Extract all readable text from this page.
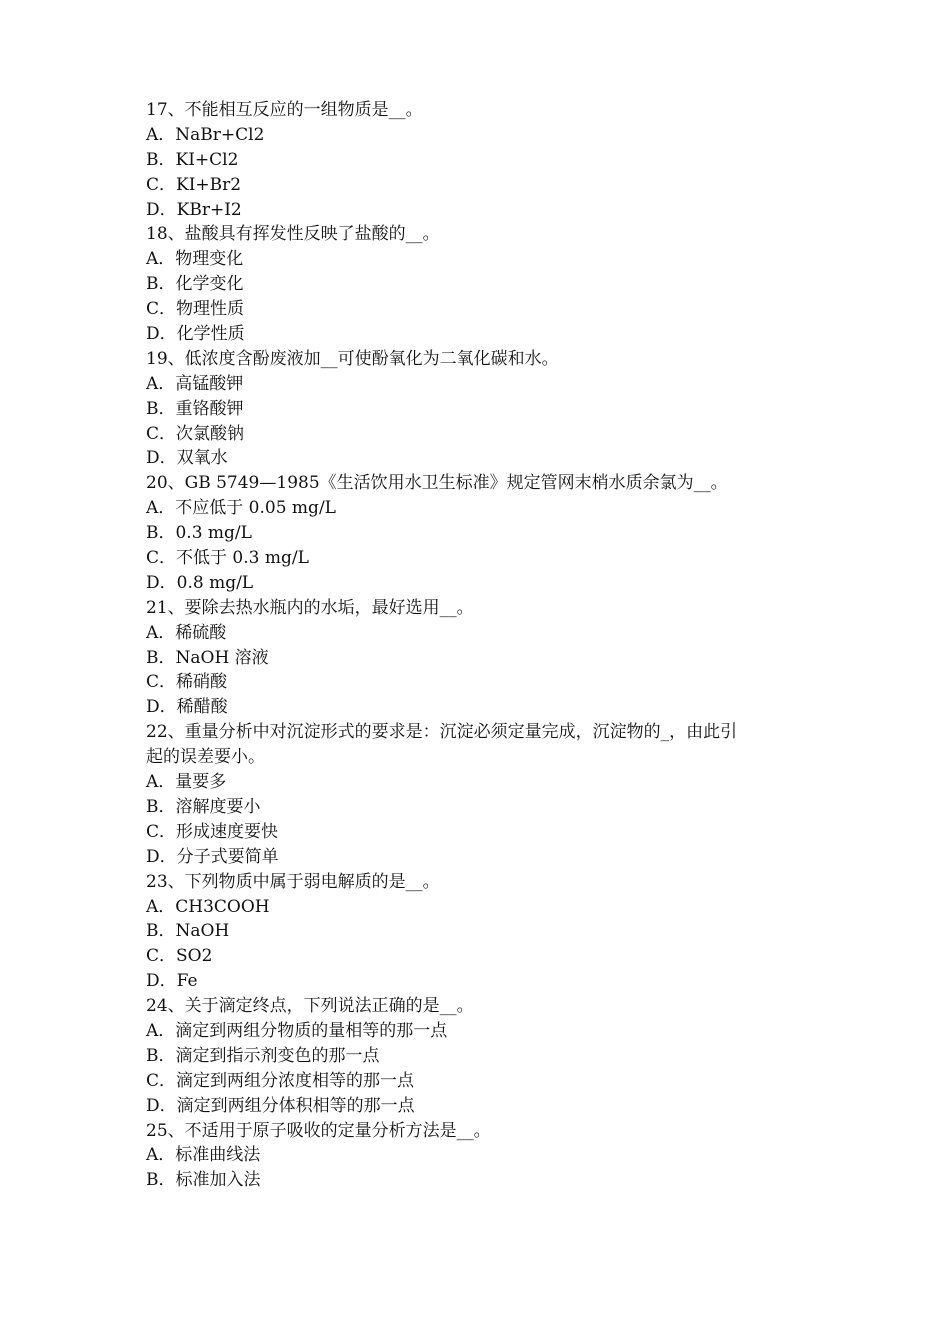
17、不能相互反应的一组物质是__。
A．NaBr+Cl2
B．KI+Cl2
C．KI+Br2
D．KBr+I2
18、盐酸具有挥发性反映了盐酸的__。
A．物理变化
B．化学变化
C．物理性质
D．化学性质
19、低浓度含酚废液加__可使酚氧化为二氧化碳和水。
A．高锰酸钾
B．重铬酸钾
C．次氯酸钠
D．双氧水
20、GB 5749—1985《生活饮用水卫生标准》规定管网末梢水质余氯为__。
A．不应低于 0.05 mg/L
B．0.3 mg/L
C．不低于 0.3 mg/L
D．0.8 mg/L
21、要除去热水瓶内的水垢，最好选用__。
A．稀硫酸
B．NaOH 溶液
C．稀硝酸
D．稀醋酸
22、重量分析中对沉淀形式的要求是：沉淀必须定量完成，沉淀物的_，由此引
起的误差要小。
A．量要多
B．溶解度要小
C．形成速度要快
D．分子式要简单
23、下列物质中属于弱电解质的是__。
A．CH3COOH
B．NaOH
C．SO2
D．Fe
24、关于滴定终点，下列说法正确的是__。
A．滴定到两组分物质的量相等的那一点
B．滴定到指示剂变色的那一点
C．滴定到两组分浓度相等的那一点
D．滴定到两组分体积相等的那一点
25、不适用于原子吸收的定量分析方法是__。
A．标准曲线法
B．标准加入法
